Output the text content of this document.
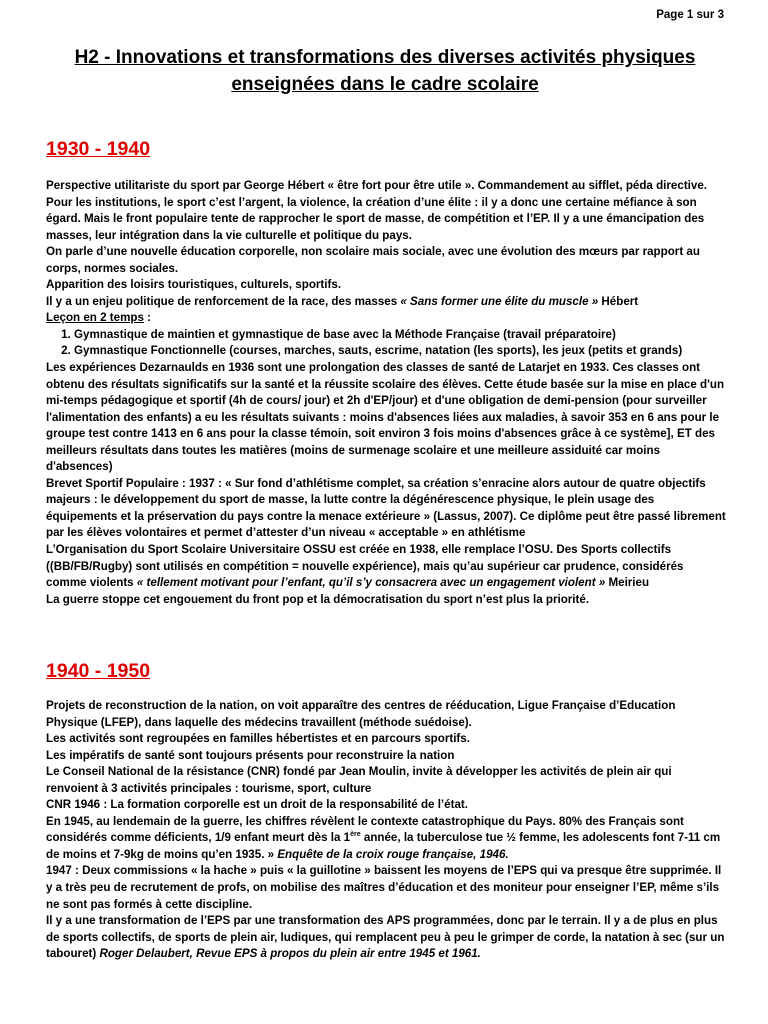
Page 1 sur 3
H2 - Innovations et transformations des diverses activités physiques
enseignées dans le cadre scolaire
1930 - 1940

Perspective utilitariste du sport par George Hébert « être fort pour être utile ». Commandement au sifflet, péda directive.

Pour les institutions, le sport c’est l’argent, la violence, la création d’une élite : il y a donc une certaine méfiance à son égard. Mais le front populaire tente de rapprocher le sport de masse, de compétition et l’EP. Il y a une émancipation des masses, leur intégration dans la vie culturelle et politique du pays.

On parle d’une nouvelle éducation corporelle, non scolaire mais sociale, avec une évolution des mœurs par rapport au corps, normes sociales.

Apparition des loisirs touristiques, culturels, sportifs.

Il y a un enjeu politique de renforcement de la race, des masses « Sans former une élite du muscle » Hébert

Leçon en 2 temps :

1. Gymnastique de maintien et gymnastique de base avec la Méthode Française (travail préparatoire)
2. Gymnastique Fonctionnelle (courses, marches, sauts, escrime, natation (les sports), les jeux (petits et grands)

Les expériences Dezarnaulds en 1936 sont une prolongation des classes de santé de Latarjet en 1933. Ces classes ont obtenu des résultats significatifs sur la santé et la réussite scolaire des élèves. Cette étude basée sur la mise en place d'un mi-temps pédagogique et sportif (4h de cours/ jour) et 2h d'EP/jour) et d'une obligation de demi-pension (pour surveiller l'alimentation des enfants) a eu les résultats suivants : moins d'absences liées aux maladies, à savoir 353 en 6 ans pour le groupe test contre 1413 en 6 ans pour la classe témoin, soit environ 3 fois moins d'absences grâce à ce système], ET des meilleurs résultats dans toutes les matières (moins de surmenage scolaire et une meilleure assiduité car moins d'absences)

Brevet Sportif Populaire : 1937 : « Sur fond d’athlétisme complet, sa création s’enracine alors autour de quatre objectifs majeurs : le développement du sport de masse, la lutte contre la dégénérescence physique, le plein usage des équipements et la préservation du pays contre la menace extérieure » (Lassus, 2007). Ce diplôme peut être passé librement par les élèves volontaires et permet d’attester d’un niveau « acceptable » en athlétisme

L’Organisation du Sport Scolaire Universitaire OSSU est créée en 1938, elle remplace l’OSU. Des Sports collectifs ((BB/FB/Rugby) sont utilisés en compétition = nouvelle expérience), mais qu’au supérieur car prudence, considérés comme violents « tellement motivant pour l’enfant, qu’il s’y consacrera avec un engagement violent » Meirieu

La guerre stoppe cet engouement du front pop et la démocratisation du sport n’est plus la priorité.

1940 - 1950

Projets de reconstruction de la nation, on voit apparaître des centres de rééducation, Ligue Française d’Education Physique (LFEP), dans laquelle des médecins travaillent (méthode suédoise).

Les activités sont regroupées en familles hébertistes et en parcours sportifs.

Les impératifs de santé sont toujours présents pour reconstruire la nation

Le Conseil National de la résistance (CNR) fondé par Jean Moulin, invite à développer les activités de plein air qui renvoient à 3 activités principales : tourisme, sport, culture

CNR 1946 : La formation corporelle est un droit de la responsabilité de l’état.

En 1945, au lendemain de la guerre, les chiffres révèlent le contexte catastrophique du Pays. 80% des Français sont considérés comme déficients, 1/9 enfant meurt dès la 1ère année, la tuberculose tue ½ femme, les adolescents font 7-11 cm de moins et 7-9kg de moins qu’en 1935. » Enquête de la croix rouge française, 1946.

1947 : Deux commissions « la hache » puis « la guillotine » baissent les moyens de l’EPS qui va presque être supprimée. Il y a très peu de recrutement de profs, on mobilise des maîtres d’éducation et des moniteur pour enseigner l’EP, même s’ils ne sont pas formés à cette discipline.

Il y a une transformation de l’EPS par une transformation des APS programmées, donc par le terrain. Il y a de plus en plus de sports collectifs, de sports de plein air, ludiques, qui remplacent peu à peu le grimper de corde, la natation à sec (sur un tabouret) Roger Delaubert, Revue EPS à propos du plein air entre 1945 et 1961.
